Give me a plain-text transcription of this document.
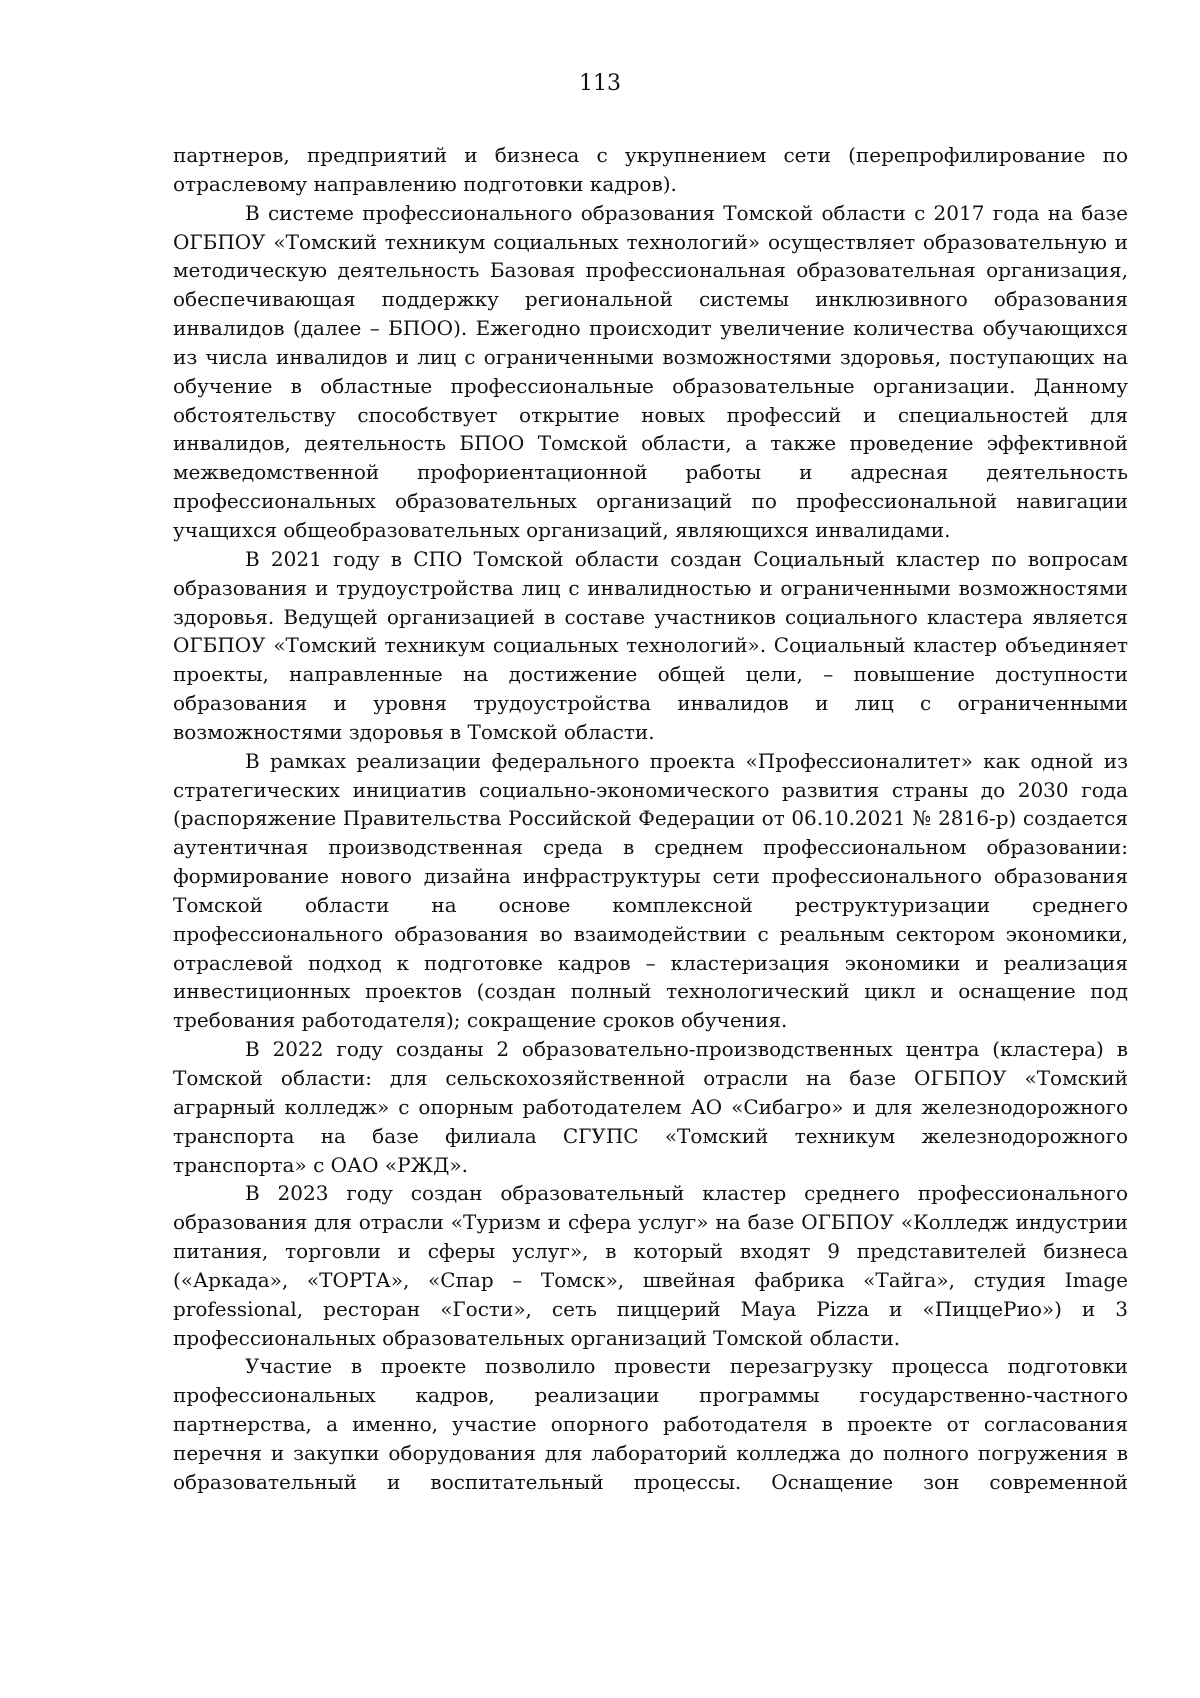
113

партнеров, предприятий и бизнеса с укрупнением сети (перепрофилирование по отраслевому направлению подготовки кадров).

В системе профессионального образования Томской области с 2017 года на базе ОГБПОУ «Томский техникум социальных технологий» осуществляет образовательную и методическую деятельность Базовая профессиональная образовательная организация, обеспечивающая поддержку региональной системы инклюзивного образования инвалидов (далее – БПОО). Ежегодно происходит увеличение количества обучающихся из числа инвалидов и лиц с ограниченными возможностями здоровья, поступающих на обучение в областные профессиональные образовательные организации. Данному обстоятельству способствует открытие новых профессий и специальностей для инвалидов, деятельность БПОО Томской области, а также проведение эффективной межведомственной профориентационной работы и адресная деятельность профессиональных образовательных организаций по профессиональной навигации учащихся общеобразовательных организаций, являющихся инвалидами.

В 2021 году в СПО Томской области создан Социальный кластер по вопросам образования и трудоустройства лиц с инвалидностью и ограниченными возможностями здоровья. Ведущей организацией в составе участников социального кластера является ОГБПОУ «Томский техникум социальных технологий». Социальный кластер объединяет проекты, направленные на достижение общей цели, – повышение доступности образования и уровня трудоустройства инвалидов и лиц с ограниченными возможностями здоровья в Томской области.

В рамках реализации федерального проекта «Профессионалитет» как одной из стратегических инициатив социально-экономического развития страны до 2030 года (распоряжение Правительства Российской Федерации от 06.10.2021 № 2816-р) создается аутентичная производственная среда в среднем профессиональном образовании: формирование нового дизайна инфраструктуры сети профессионального образования Томской области на основе комплексной реструктуризации среднего профессионального образования во взаимодействии с реальным сектором экономики, отраслевой подход к подготовке кадров – кластеризация экономики и реализация инвестиционных проектов (создан полный технологический цикл и оснащение под требования работодателя); сокращение сроков обучения.

В 2022 году созданы 2 образовательно-производственных центра (кластера) в Томской области: для сельскохозяйственной отрасли на базе ОГБПОУ «Томский аграрный колледж» с опорным работодателем АО «Сибагро» и для железнодорожного транспорта на базе филиала СГУПС «Томский техникум железнодорожного транспорта» с ОАО «РЖД».

В 2023 году создан образовательный кластер среднего профессионального образования для отрасли «Туризм и сфера услуг» на базе ОГБПОУ «Колледж индустрии питания, торговли и сферы услуг», в который входят 9 представителей бизнеса («Аркада», «ТОРТА», «Спар – Томск», швейная фабрика «Тайга», студия Image professional, ресторан «Гости», сеть пиццерий Maya Pizza и «ПиццеРио») и 3 профессиональных образовательных организаций Томской области.

Участие в проекте позволило провести перезагрузку процесса подготовки профессиональных кадров, реализации программы государственно-частного партнерства, а именно, участие опорного работодателя в проекте от согласования перечня и закупки оборудования для лабораторий колледжа до полного погружения в образовательный и воспитательный процессы. Оснащение зон современной
